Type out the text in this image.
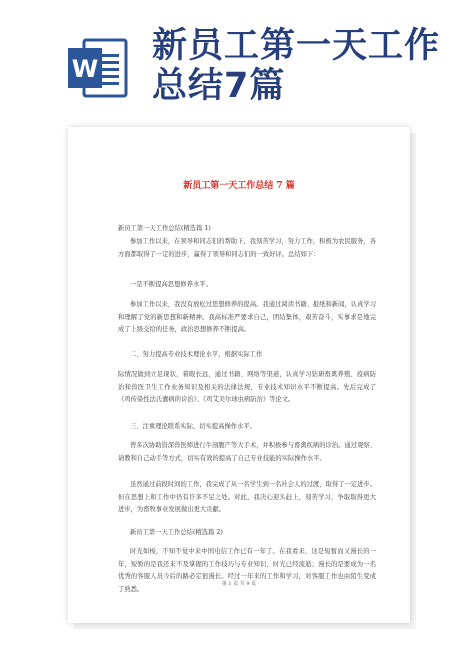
W
新员工第一天工作
总结7篇
新员工第一天工作总结 7 篇
新员工第一天工作总结(精选篇 1)
参加工作以来，在领导和同志们的帮助下，我刻苦学习，努力工作，积极为农民服务，各方面都取得了一定的进步，赢得了领导和同志们的一致好评。总结如下：
一是不断提高思想修养水平。
参加工作以来，我没有放松过思想修养的提高。我通过阅读书籍、报纸和新闻，认真学习和理解了党的新思想和新精神。我高标准严要求自己，团结集体，艰苦奋斗，实事求是地完成了上级交给的任务，政治思想修养不断提高。
二、努力提高专业技术理论水平，根据实际工作
际情况做到立足现状，着眼长远，通过书籍、网络等渠道，认真学习钻研畜禽养殖、疫病防治和兽医卫生工作业务知识及相关的法律法规，专业技术知识水平不断提高。先后完成了《鸡传染性法氏囊病的诊治》、《鸡艾美尔球虫病防治》等论文。
三、注重理论联系实际，切实提高操作水平。
曾多次协助资深兽医师进行牛剖腹产等大手术，并积极参与畜禽疾病的诊治。通过观察、请教和自己动手等方式，切实有效的提高了自己专业技能的实际操作水平。
虽然通过前段时间的工作，我完成了从一名学生到一名社会人的过渡，取得了一定进步。但在思想上和工作中仍有许多不足之处。对此，我决心迎头赶上，刻苦学习，争取取得更大进步，为畜牧事业发展做出更大贡献。
新员工第一天工作总结(精选篇 2)
时光如梭，不知不觉中来中国电信工作已有一年了。在我看来，这是短暂而又漫长的一年，短暂的是我还来不及掌握的工作技巧与专业知识，时光已经流逝；漫长的是要成为一名优秀的客服人员今后的路必定很漫长。经过一年来的工作和学习，对客服工作也由陌生变成了熟悉。
第 1 页 共 9 页
